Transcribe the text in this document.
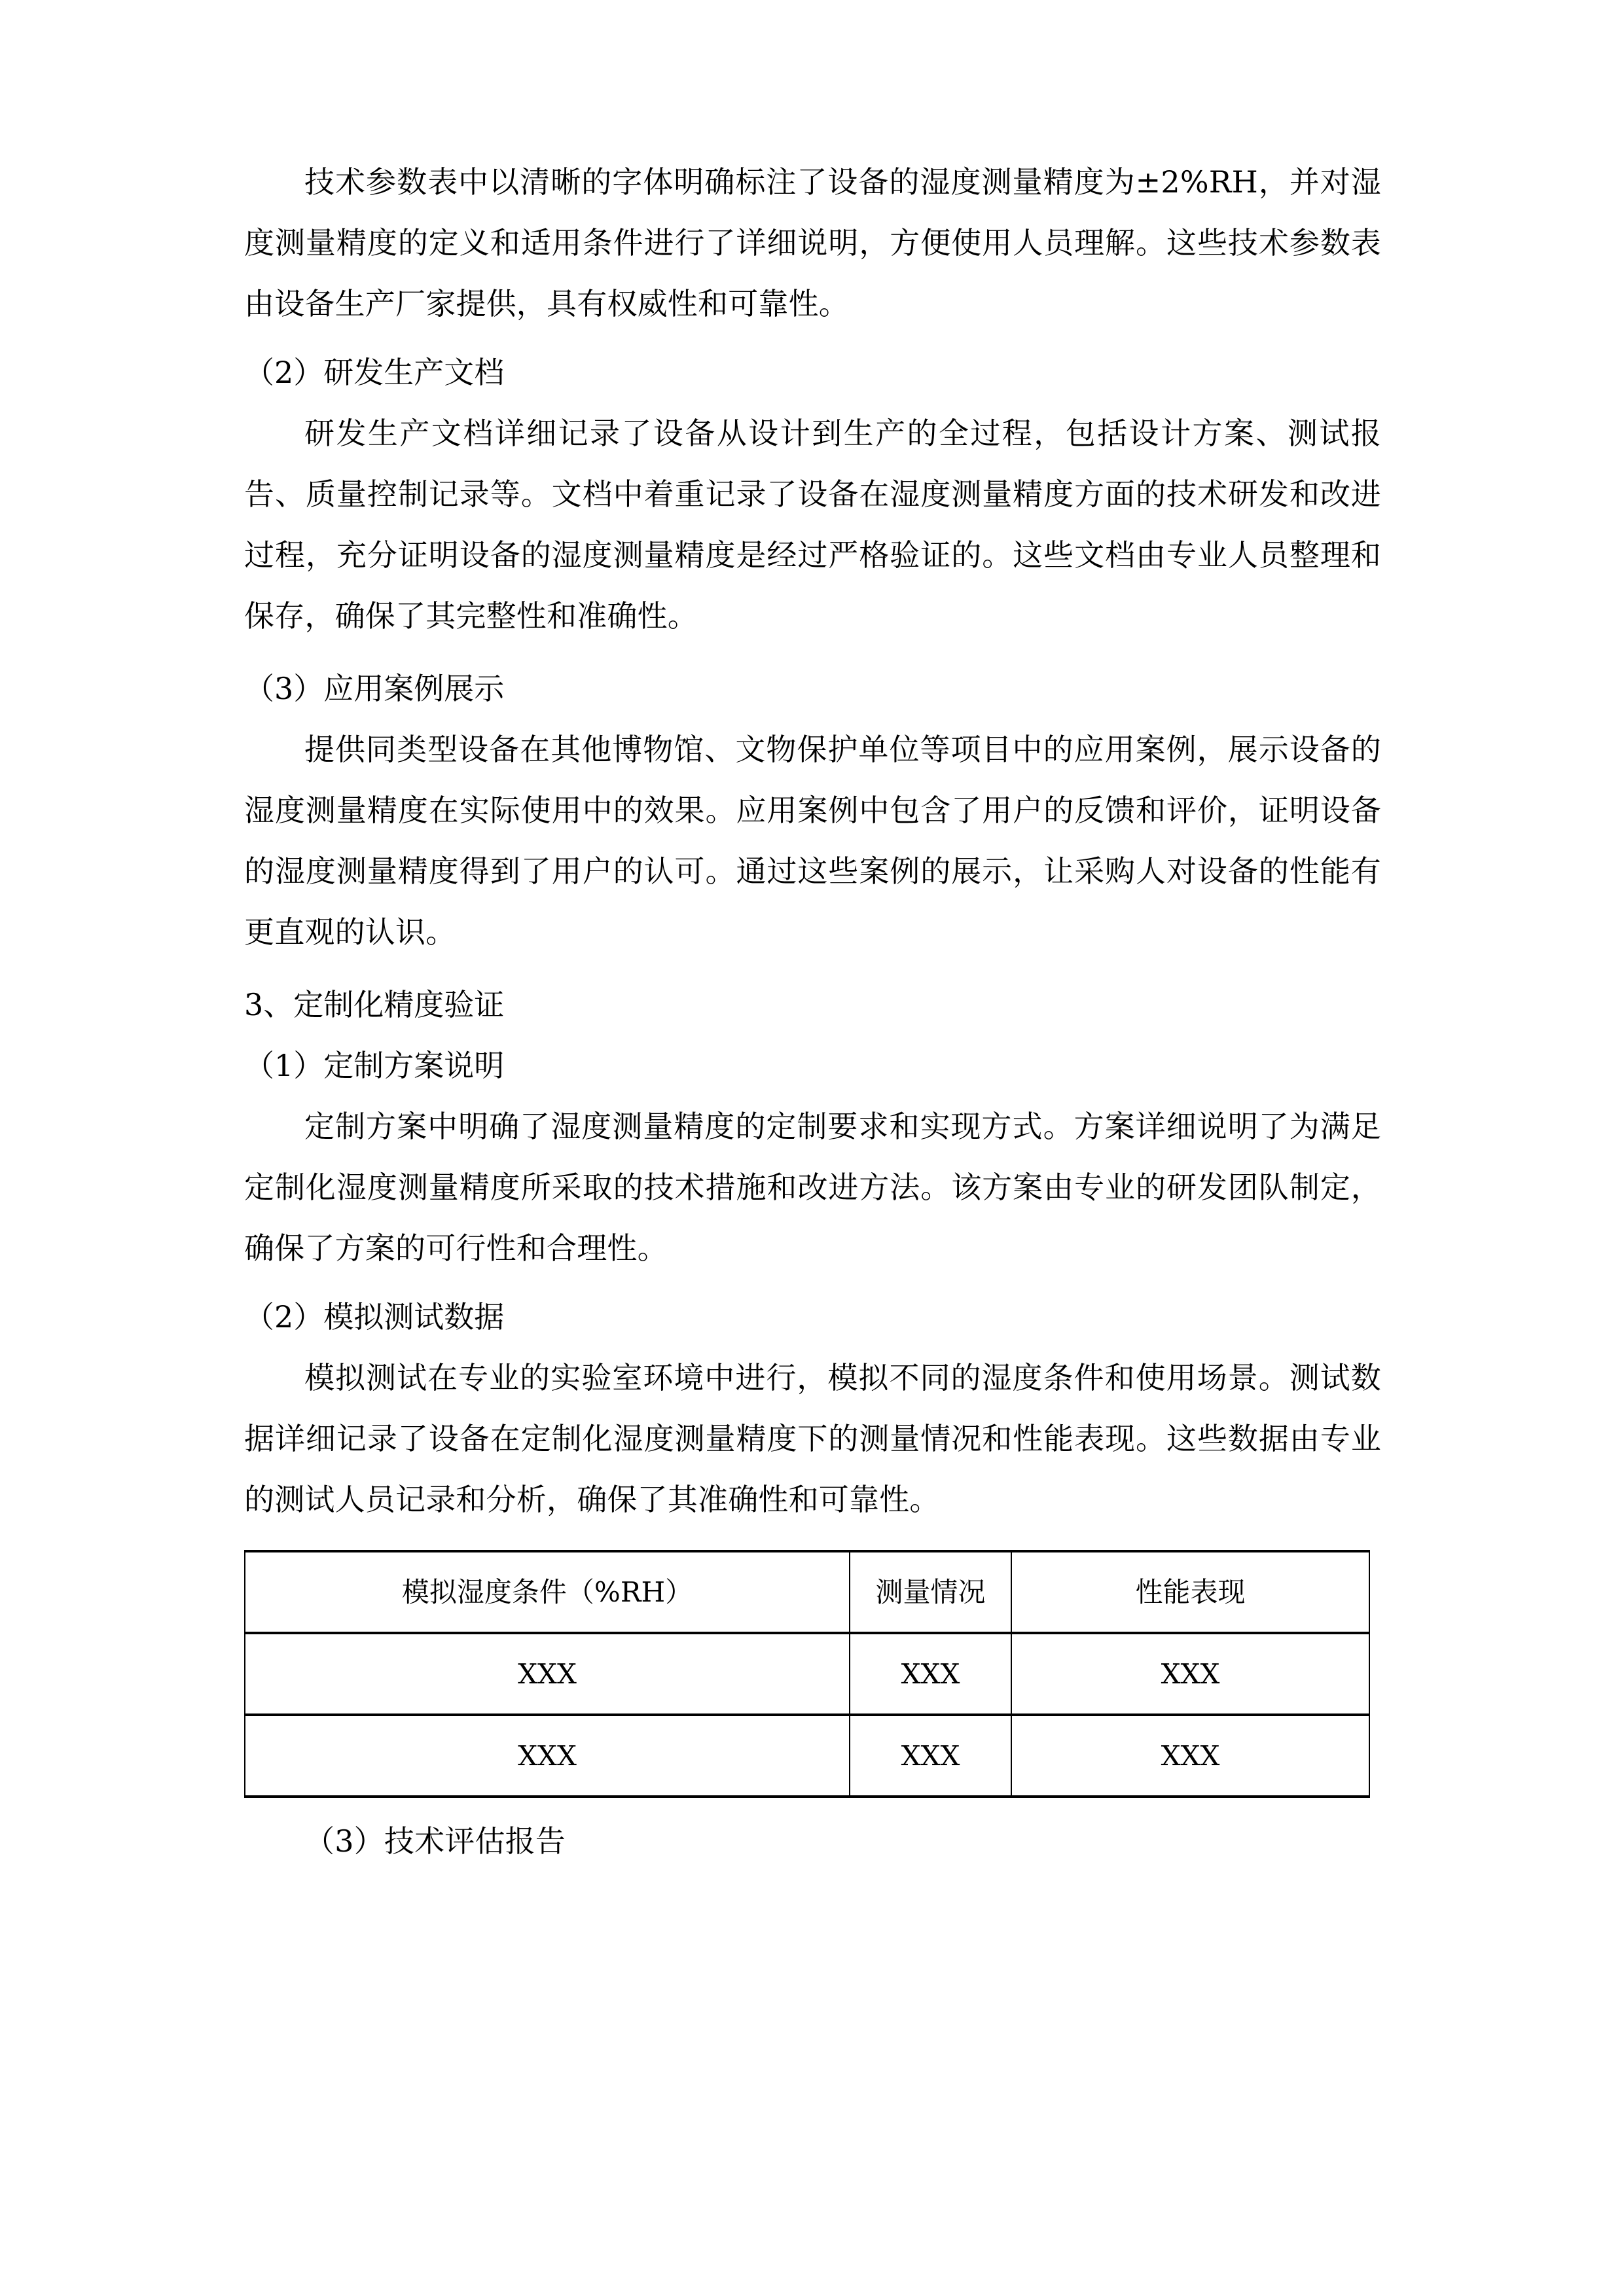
技术参数表中以清晰的字体明确标注了设备的湿度测量精度为±2%RH，并对湿度测量精度的定义和适用条件进行了详细说明，方便使用人员理解。这些技术参数表由设备生产厂家提供，具有权威性和可靠性。

（2）研发生产文档

研发生产文档详细记录了设备从设计到生产的全过程，包括设计方案、测试报告、质量控制记录等。文档中着重记录了设备在湿度测量精度方面的技术研发和改进过程，充分证明设备的湿度测量精度是经过严格验证的。这些文档由专业人员整理和保存，确保了其完整性和准确性。

（3）应用案例展示

提供同类型设备在其他博物馆、文物保护单位等项目中的应用案例，展示设备的湿度测量精度在实际使用中的效果。应用案例中包含了用户的反馈和评价，证明设备的湿度测量精度得到了用户的认可。通过这些案例的展示，让采购人对设备的性能有更直观的认识。

3、定制化精度验证

（1）定制方案说明

定制方案中明确了湿度测量精度的定制要求和实现方式。方案详细说明了为满足定制化湿度测量精度所采取的技术措施和改进方法。该方案由专业的研发团队制定，确保了方案的可行性和合理性。

（2）模拟测试数据

模拟测试在专业的实验室环境中进行，模拟不同的湿度条件和使用场景。测试数据详细记录了设备在定制化湿度测量精度下的测量情况和性能表现。这些数据由专业的测试人员记录和分析，确保了其准确性和可靠性。

模拟湿度条件（%RH）	测量情况	性能表现
XXX	XXX	XXX
XXX	XXX	XXX

（3）技术评估报告
